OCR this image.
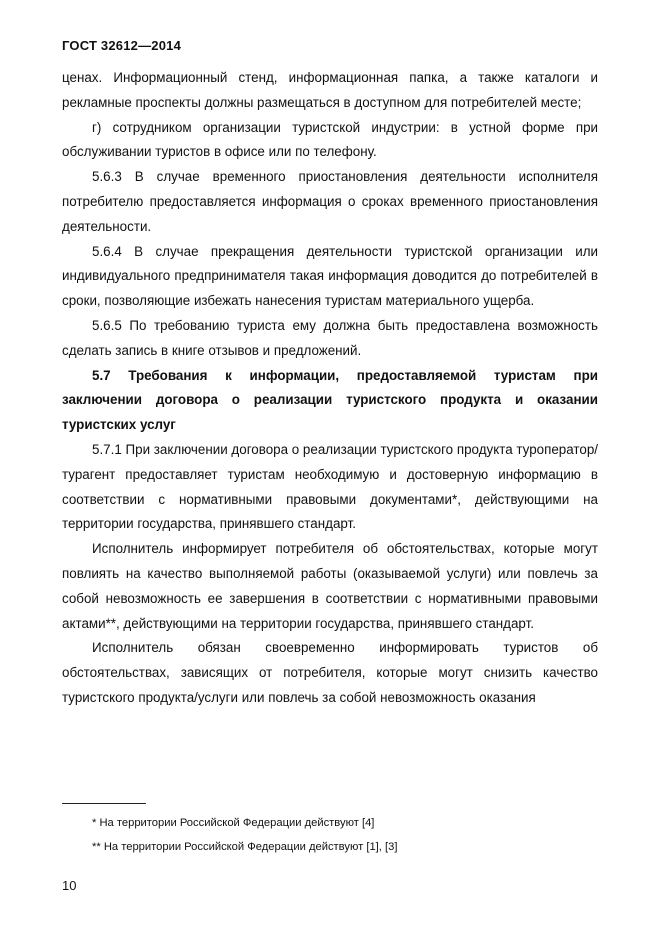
ГОСТ 32612—2014

ценах. Информационный стенд, информационная папка, а также каталоги и рекламные проспекты должны размещаться в доступном для потребителей месте;

г) сотрудником организации туристской индустрии: в устной форме при обслуживании туристов в офисе или по телефону.

5.6.3 В случае временного приостановления деятельности исполнителя потребителю предоставляется информация о сроках временного приостановления деятельности.

5.6.4 В случае прекращения деятельности туристской организации или индивидуального предпринимателя такая информация доводится до потребителей в сроки, позволяющие избежать нанесения туристам материального ущерба.

5.6.5 По требованию туриста ему должна быть предоставлена возможность сделать запись в книге отзывов и предложений.

5.7 Требования к информации, предоставляемой туристам при заключении договора о реализации туристского продукта и оказании туристских услуг

5.7.1 При заключении договора о реализации туристского продукта туроператор/турагент предоставляет туристам необходимую и достоверную информацию в соответствии с нормативными правовыми документами*, действующими на территории государства, принявшего стандарт.

Исполнитель информирует потребителя об обстоятельствах, которые могут повлиять на качество выполняемой работы (оказываемой услуги) или повлечь за собой невозможность ее завершения в соответствии с нормативными правовыми актами**, действующими на территории государства, принявшего стандарт.

Исполнитель обязан своевременно информировать туристов об обстоятельствах, зависящих от потребителя, которые могут снизить качество туристского продукта/услуги или повлечь за собой невозможность оказания

* На территории Российской Федерации действуют [4]

** На территории Российской Федерации действуют [1], [3]

10
